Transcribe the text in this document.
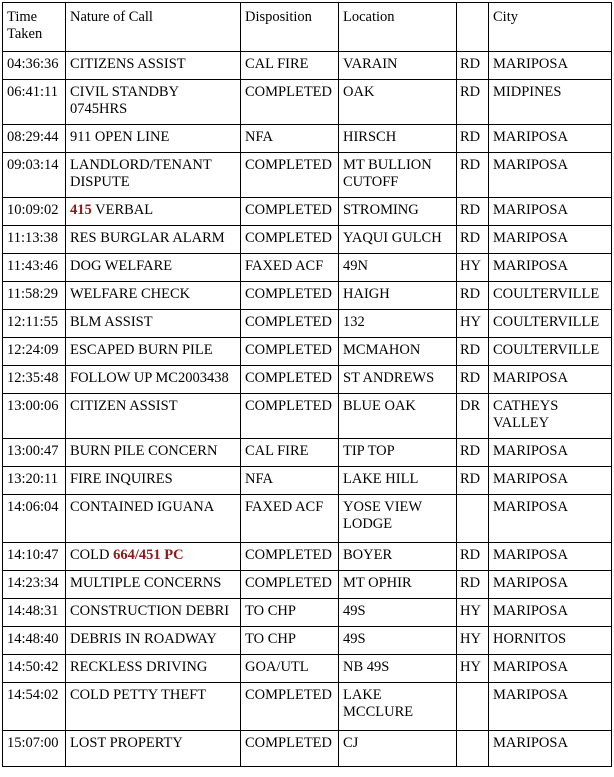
Time Taken	Nature of Call	Disposition	Location		City
04:36:36	CITIZENS ASSIST	CAL FIRE	VARAIN	RD	MARIPOSA
06:41:11	CIVIL STANDBY 0745HRS	COMPLETED	OAK	RD	MIDPINES
08:29:44	911 OPEN LINE	NFA	HIRSCH	RD	MARIPOSA
09:03:14	LANDLORD/TENANT DISPUTE	COMPLETED	MT BULLION CUTOFF	RD	MARIPOSA
10:09:02	415 VERBAL	COMPLETED	STROMING	RD	MARIPOSA
11:13:38	RES BURGLAR ALARM	COMPLETED	YAQUI GULCH	RD	MARIPOSA
11:43:46	DOG WELFARE	FAXED ACF	49N	HY	MARIPOSA
11:58:29	WELFARE CHECK	COMPLETED	HAIGH	RD	COULTERVILLE
12:11:55	BLM ASSIST	COMPLETED	132	HY	COULTERVILLE
12:24:09	ESCAPED BURN PILE	COMPLETED	MCMAHON	RD	COULTERVILLE
12:35:48	FOLLOW UP MC2003438	COMPLETED	ST ANDREWS	RD	MARIPOSA
13:00:06	CITIZEN ASSIST	COMPLETED	BLUE OAK	DR	CATHEYS VALLEY
13:00:47	BURN PILE CONCERN	CAL FIRE	TIP TOP	RD	MARIPOSA
13:20:11	FIRE INQUIRES	NFA	LAKE HILL	RD	MARIPOSA
14:06:04	CONTAINED IGUANA	FAXED ACF	YOSE VIEW LODGE		MARIPOSA
14:10:47	COLD 664/451 PC	COMPLETED	BOYER	RD	MARIPOSA
14:23:34	MULTIPLE CONCERNS	COMPLETED	MT OPHIR	RD	MARIPOSA
14:48:31	CONSTRUCTION DEBRI	TO CHP	49S	HY	MARIPOSA
14:48:40	DEBRIS IN ROADWAY	TO CHP	49S	HY	HORNITOS
14:50:42	RECKLESS DRIVING	GOA/UTL	NB 49S	HY	MARIPOSA
14:54:02	COLD PETTY THEFT	COMPLETED	LAKE MCCLURE		MARIPOSA
15:07:00	LOST PROPERTY	COMPLETED	CJ		MARIPOSA
